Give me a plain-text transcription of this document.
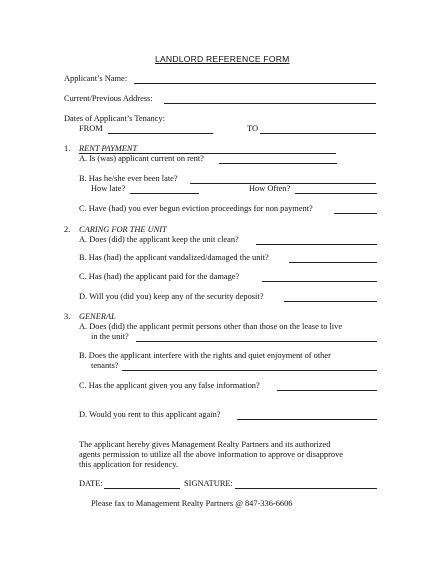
LANDLORD REFERENCE FORM
Applicant’s Name:
Current/Previous Address:
Dates of Applicant’s Tenancy:
FROM	TO
1. RENT PAYMENT
A. Is (was) applicant current on rent?
B. Has he/she ever been late?
How late?	How Often?
C. Have (had) you ever begun eviction proceedings for non payment?
2. CARING FOR THE UNIT
A. Does (did) the applicant keep the unit clean?
B. Has (had) the applicant vandalized/damaged the unit?
C. Has (had) the applicant paid for the damage?
D. Will you (did you) keep any of the security deposit?
3. GENERAL
A. Does (did) the applicant permit persons other than those on the lease to live
in the unit?
B. Does the applicant interfere with the rights and quiet enjoyment of other
tenants?
C. Has the applicant given you any false information?
D. Would you rent to this applicant again?
The applicant hereby gives Management Realty Partners and its authorized
agents permission to utilize all the above information to approve or disapprove
this application for residency.
DATE:	SIGNATURE:
Please fax to Management Realty Partners @ 847-336-6606
